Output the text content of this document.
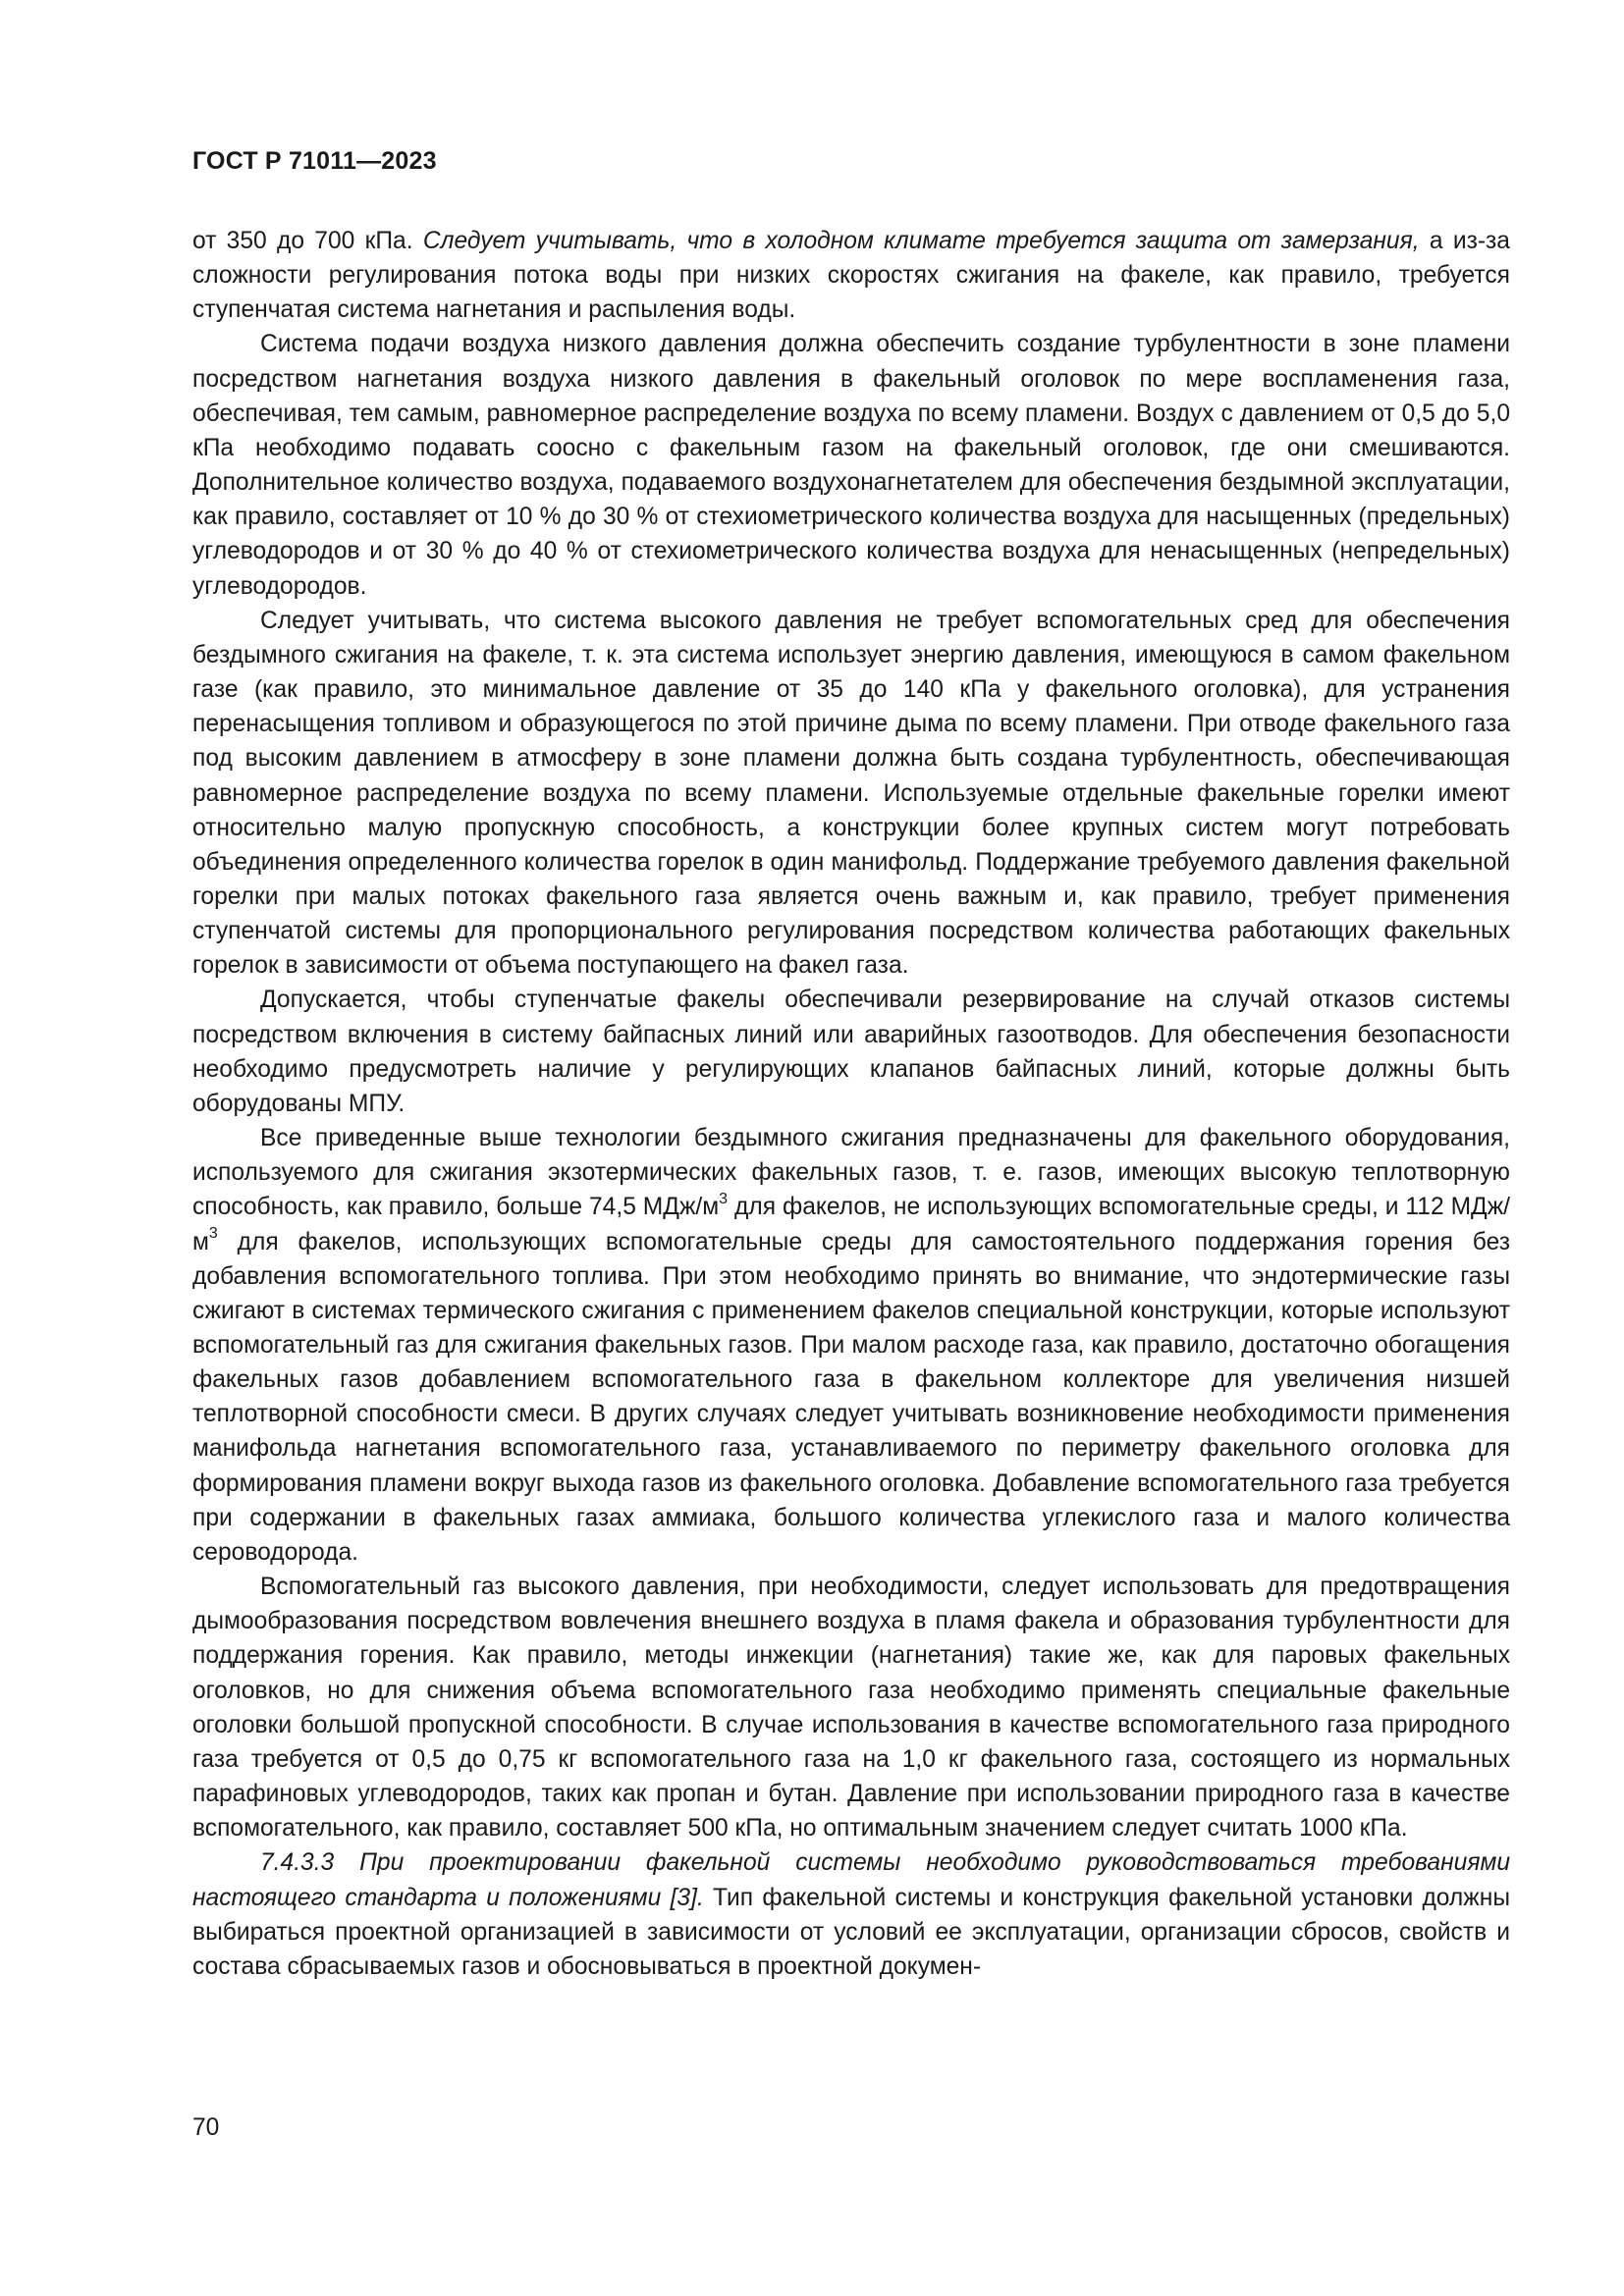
ГОСТ Р 71011—2023

от 350 до 700 кПа. Следует учитывать, что в холодном климате требуется защита от замерзания, а из-за сложности регулирования потока воды при низких скоростях сжигания на факеле, как правило, требуется ступенчатая система нагнетания и распыления воды.

Система подачи воздуха низкого давления должна обеспечить создание турбулентности в зоне пламени посредством нагнетания воздуха низкого давления в факельный оголовок по мере воспламенения газа, обеспечивая, тем самым, равномерное распределение воздуха по всему пламени. Воздух с давлением от 0,5 до 5,0 кПа необходимо подавать соосно с факельным газом на факельный оголовок, где они смешиваются. Дополнительное количество воздуха, подаваемого воздухонагнетателем для обеспечения бездымной эксплуатации, как правило, составляет от 10 % до 30 % от стехиометрического количества воздуха для насыщенных (предельных) углеводородов и от 30 % до 40 % от стехиометрического количества воздуха для ненасыщенных (непредельных) углеводородов.

Следует учитывать, что система высокого давления не требует вспомогательных сред для обеспечения бездымного сжигания на факеле, т. к. эта система использует энергию давления, имеющуюся в самом факельном газе (как правило, это минимальное давление от 35 до 140 кПа у факельного оголовка), для устранения перенасыщения топливом и образующегося по этой причине дыма по всему пламени. При отводе факельного газа под высоким давлением в атмосферу в зоне пламени должна быть создана турбулентность, обеспечивающая равномерное распределение воздуха по всему пламени. Используемые отдельные факельные горелки имеют относительно малую пропускную способность, а конструкции более крупных систем могут потребовать объединения определенного количества горелок в один манифольд. Поддержание требуемого давления факельной горелки при малых потоках факельного газа является очень важным и, как правило, требует применения ступенчатой системы для пропорционального регулирования посредством количества работающих факельных горелок в зависимости от объема поступающего на факел газа.

Допускается, чтобы ступенчатые факелы обеспечивали резервирование на случай отказов системы посредством включения в систему байпасных линий или аварийных газоотводов. Для обеспечения безопасности необходимо предусмотреть наличие у регулирующих клапанов байпасных линий, которые должны быть оборудованы МПУ.

Все приведенные выше технологии бездымного сжигания предназначены для факельного оборудования, используемого для сжигания экзотермических факельных газов, т. е. газов, имеющих высокую теплотворную способность, как правило, больше 74,5 МДж/$м^3$ для факелов, не использующих вспомогательные среды, и 112 МДж/$м^3$ для факелов, использующих вспомогательные среды для самостоятельного поддержания горения без добавления вспомогательного топлива. При этом необходимо принять во внимание, что эндотермические газы сжигают в системах термического сжигания с применением факелов специальной конструкции, которые используют вспомогательный газ для сжигания факельных газов. При малом расходе газа, как правило, достаточно обогащения факельных газов добавлением вспомогательного газа в факельном коллекторе для увеличения низшей теплотворной способности смеси. В других случаях следует учитывать возникновение необходимости применения манифольда нагнетания вспомогательного газа, устанавливаемого по периметру факельного оголовка для формирования пламени вокруг выхода газов из факельного оголовка. Добавление вспомогательного газа требуется при содержании в факельных газах аммиака, большого количества углекислого газа и малого количества сероводорода.

Вспомогательный газ высокого давления, при необходимости, следует использовать для предотвращения дымообразования посредством вовлечения внешнего воздуха в пламя факела и образования турбулентности для поддержания горения. Как правило, методы инжекции (нагнетания) такие же, как для паровых факельных оголовков, но для снижения объема вспомогательного газа необходимо применять специальные факельные оголовки большой пропускной способности. В случае использования в качестве вспомогательного газа природного газа требуется от 0,5 до 0,75 кг вспомогательного газа на 1,0 кг факельного газа, состоящего из нормальных парафиновых углеводородов, таких как пропан и бутан. Давление при использовании природного газа в качестве вспомогательного, как правило, составляет 500 кПа, но оптимальным значением следует считать 1000 кПа.

7.4.3.3 При проектировании факельной системы необходимо руководствоваться требованиями настоящего стандарта и положениями [3]. Тип факельной системы и конструкция факельной установки должны выбираться проектной организацией в зависимости от условий ее эксплуатации, организации сбросов, свойств и состава сбрасываемых газов и обосновываться в проектной докумен-

70
